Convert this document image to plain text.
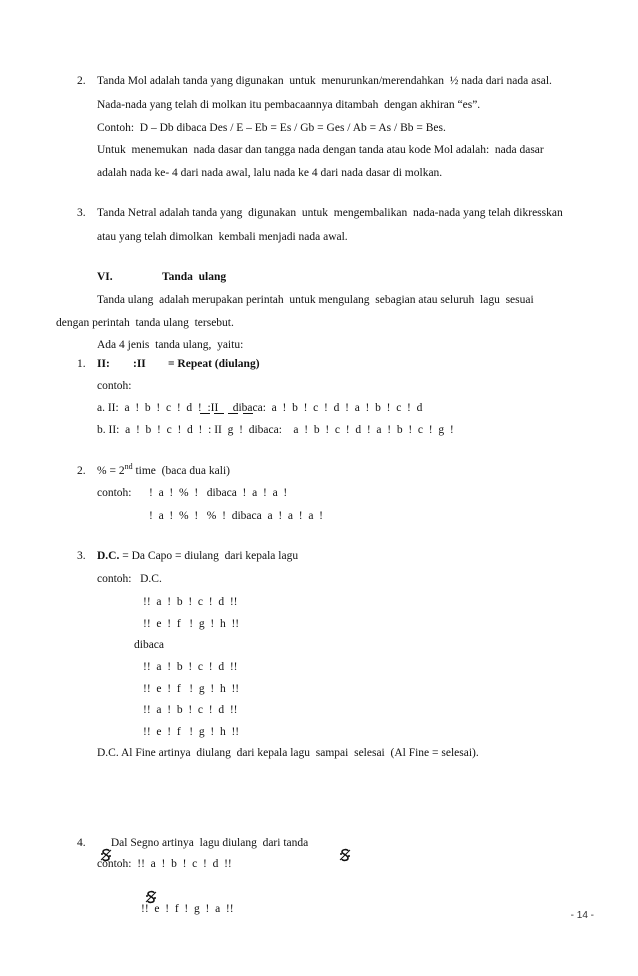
2. Tanda Mol adalah tanda yang digunakan  untuk  menurunkan/merendahkan  ½ nada dari nada asal.
Nada-nada yang telah di molkan itu pembacaannya ditambah  dengan akhiran “es”.
Contoh:  D – Db dibaca Des / E – Eb = Es / Gb = Ges / Ab = As / Bb = Bes.
Untuk  menemukan  nada dasar dan tangga nada dengan tanda atau kode Mol adalah:  nada dasar
adalah nada ke- 4 dari nada awal, lalu nada ke 4 dari nada dasar di molkan.
3. Tanda Netral adalah tanda yang  digunakan  untuk  mengembalikan  nada-nada yang telah dikresskan
atau yang telah dimolkan  kembali menjadi nada awal.
VI.	Tanda  ulang
Tanda ulang  adalah merupakan perintah  untuk mengulang  sebagian atau seluruh  lagu  sesuai
dengan perintah  tanda ulang  tersebut.
Ada 4 jenis  tanda ulang,  yaitu:
1. II: :II = Repeat (diulang)
contoh:
a. II:  a  !  b  !  c  !  d  !  :II     dibaca:  a  !  b  !  c  !  d  !  a  !  b  !  c  !  d
b. II:  a  !  b  !  c  !  d  !  : II  g  !  dibaca:    a  !  b  !  c  !  d  !  a  !  b  !  c  !  g  !
2. % = 2nd time  (baca dua kali)
contoh: !  a  !  %  !   dibaca  !  a  !  a  !
!  a  !  %  !   %  !  dibaca  a  !  a  !  a  !
3. D.C. = Da Capo = diulang  dari kepala lagu
contoh:   D.C.
!!  a  !  b  !  c  !  d  !!
!!  e  !  f   !  g  !  h  !!
dibaca
!!  a  !  b  !  c  !  d  !!
!!  e  !  f   !  g  !  h  !!
!!  a  !  b  !  c  !  d  !!
!!  e  !  f   !  g  !  h  !!
D.C. Al Fine artinya  diulang  dari kepala lagu  sampai  selesai  (Al Fine = selesai).
4.

Dal Segno artinya  lagu diulang  dari tanda

contoh:  !!  a  !  b  !  c  !  d  !!

!!  e  !  f  !  g  !  a  !!
- 14 -
